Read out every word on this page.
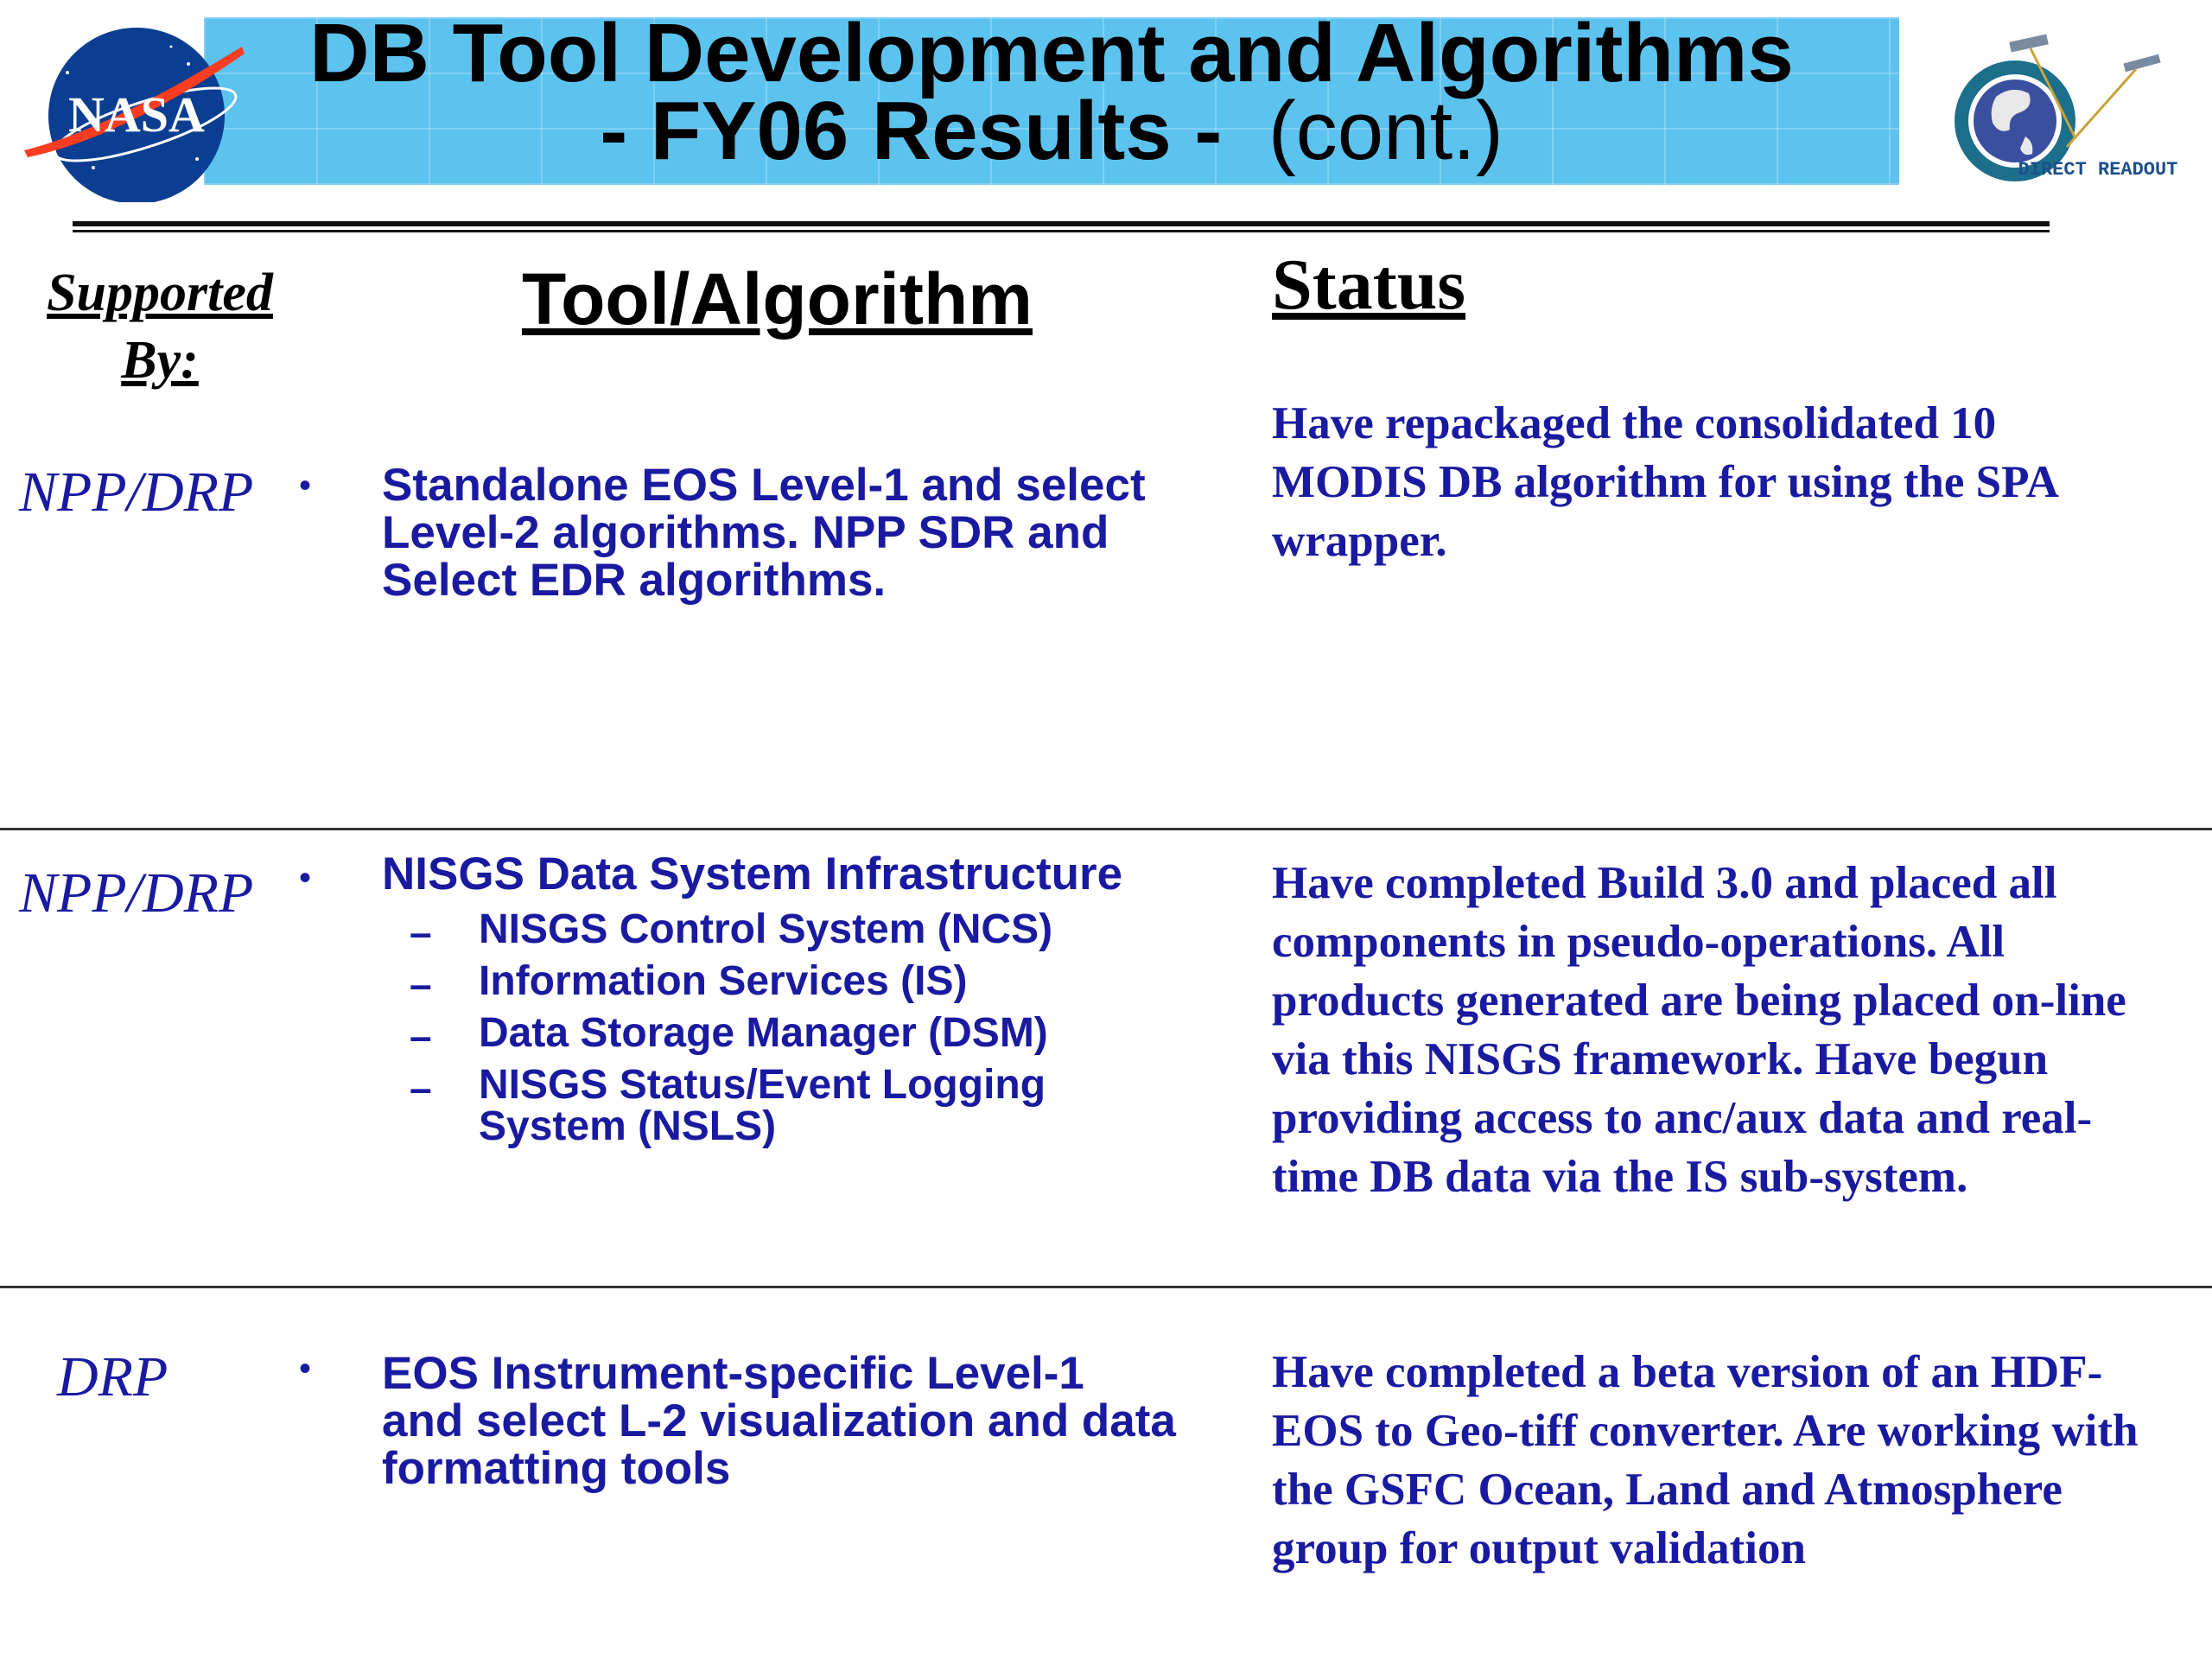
DB Tool Development and Algorithms
- FY06 Results - (cont.)
NASA
DIRECT READOUT
Supported
By:
Tool/Algorithm	Status
NPP/DRP • Standalone EOS Level-1 and select Level-2 algorithms. NPP SDR and Select EDR algorithms.
Have repackaged the consolidated 10 MODIS DB algorithm for using the SPA wrapper.
NPP/DRP • NISGS Data System Infrastructure
– NISGS Control System (NCS)
– Information Services (IS)
– Data Storage Manager (DSM)
– NISGS Status/Event Logging System (NSLS)
Have completed Build 3.0 and placed all components in pseudo-operations. All products generated are being placed on-line via this NISGS framework. Have begun providing access to anc/aux data and real-time DB data via the IS sub-system.
DRP	• EOS Instrument-specific Level-1 and select L-2 visualization and data formatting tools
Have completed a beta version of an HDF-EOS to Geo-tiff converter. Are working with the GSFC Ocean, Land and Atmosphere group for output validation
